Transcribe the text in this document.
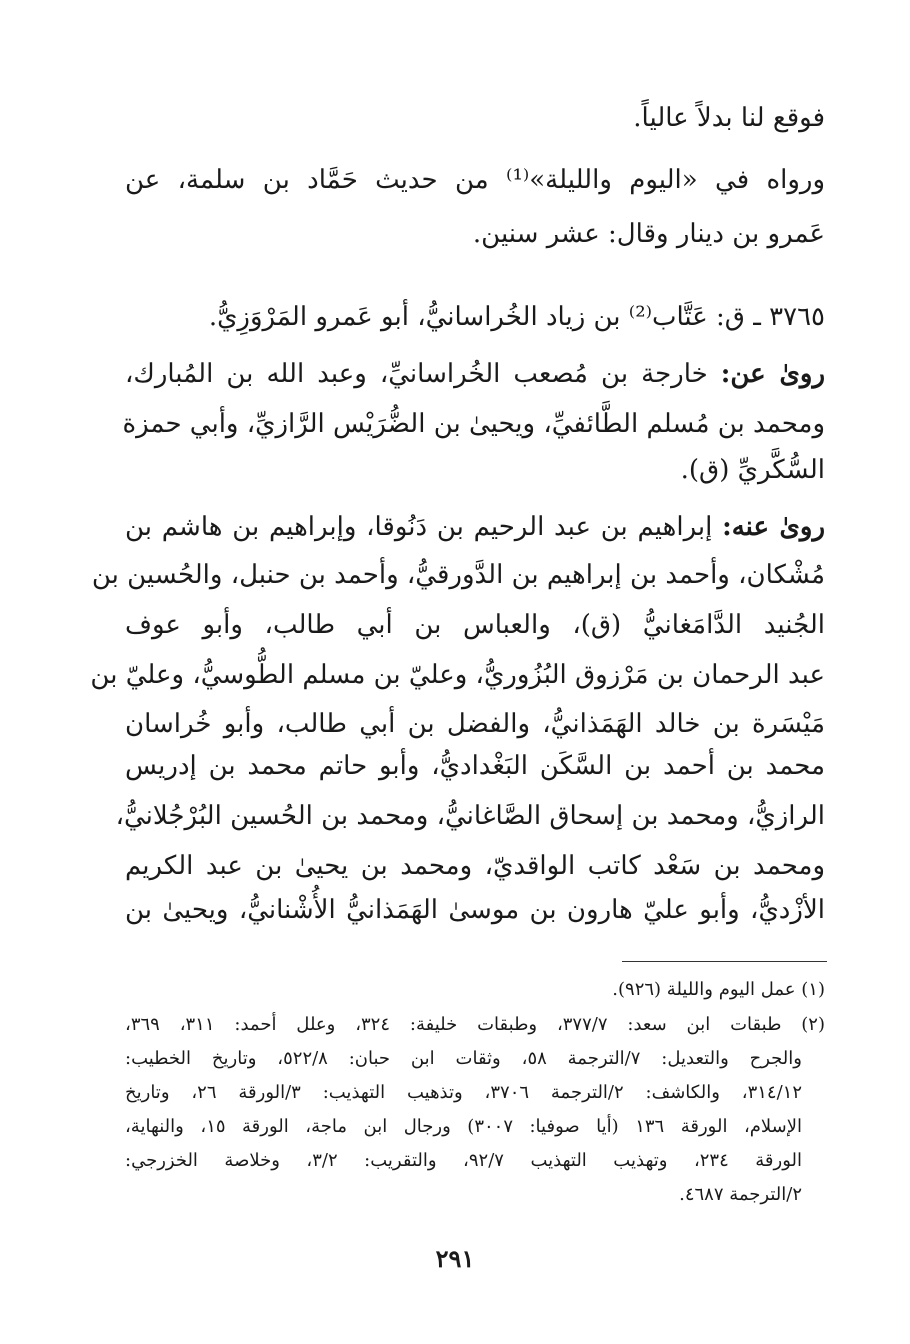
فوقع لنا بدلاً عالياً.
ورواه في «اليوم والليلة»⁽¹⁾ من حديث حَمَّاد بن سلمة، عن
عَمرو بن دينار وقال: عشر سنين.
٣٧٦٥ ـ ق: عَتَّاب⁽²⁾ بن زياد الخُراسانيُّ، أبو عَمرو المَرْوَزِيُّ.
روىٰ عن: خارجة بن مُصعب الخُراسانيِّ، وعبد الله بن المُبارك،
ومحمد بن مُسلم الطَّائفيِّ، ويحيىٰ بن الضُّرَيْس الرَّازيِّ، وأبي حمزة
السُّكَّريِّ (ق).
روىٰ عنه: إبراهيم بن عبد الرحيم بن دَنُوقا، وإبراهيم بن هاشم بن
مُشْكان، وأحمد بن إبراهيم بن الدَّورقيُّ، وأحمد بن حنبل، والحُسين بن
الجُنيد الدَّامَغانيُّ (ق)، والعباس بن أبي طالب، وأبو عوف
عبد الرحمان بن مَرْزوق البُزُوريُّ، وعليّ بن مسلم الطُّوسيُّ، وعليّ بن
مَيْسَرة بن خالد الهَمَذانيُّ، والفضل بن أبي طالب، وأبو خُراسان
محمد بن أحمد بن السَّكَن البَغْداديُّ، وأبو حاتم محمد بن إدريس
الرازيُّ، ومحمد بن إسحاق الصَّاغانيُّ، ومحمد بن الحُسين البُرْجُلانيُّ،
ومحمد بن سَعْد كاتب الواقديّ، ومحمد بن يحيىٰ بن عبد الكريم
الأزْديُّ، وأبو عليّ هارون بن موسىٰ الهَمَذانيُّ الأُشْنانيُّ، ويحيىٰ بن
(١) عمل اليوم والليلة (٩٢٦).
(٢) طبقات ابن سعد: ٣٧٧/٧، وطبقات خليفة: ٣٢٤، وعلل أحمد: ٣١١، ٣٦٩،
والجرح والتعديل: ٧/الترجمة ٥٨، وثقات ابن حبان: ٥٢٢/٨، وتاريخ الخطيب:
٣١٤/١٢، والكاشف: ٢/الترجمة ٣٧٠٦، وتذهيب التهذيب: ٣/الورقة ٢٦، وتاريخ
الإسلام، الورقة ١٣٦ (أيا صوفيا: ٣٠٠٧) ورجال ابن ماجة، الورقة ١٥، والنهاية،
الورقة ٢٣٤، وتهذيب التهذيب ٩٢/٧، والتقريب: ٣/٢، وخلاصة الخزرجي:
٢/الترجمة ٤٦٨٧.
٢٩١
